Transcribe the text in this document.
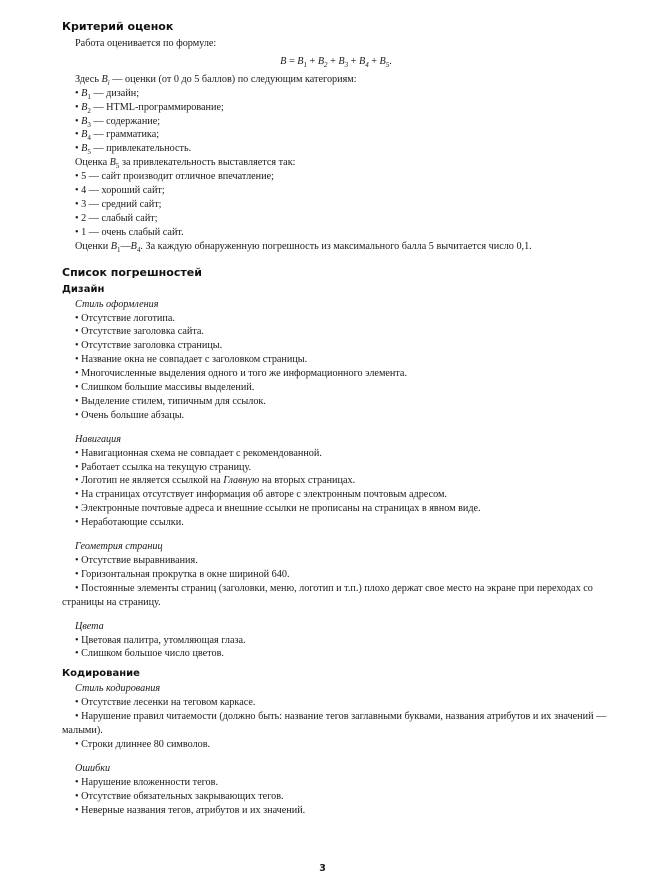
Критерий оценок

Работа оценивается по формуле:

$B = B_1 + B_2 + B_3 + B_4 + B_5$.

Здесь $B_i$ — оценки (от 0 до 5 баллов) по следующим категориям:

• $B_1$ — дизайн;
• $B_2$ — HTML-программирование;
• $B_3$ — содержание;
• $B_4$ — грамматика;
• $B_5$ — привлекательность.

Оценка $B_5$ за привлекательность выставляется так:

• 5 — сайт производит отличное впечатление;
• 4 — хороший сайт;
• 3 — средний сайт;
• 2 — слабый сайт;
• 1 — очень слабый сайт.

Оценки $B_1—B_4$. За каждую обнаруженную погрешность из максимального балла 5 вычитается число 0,1.

Список погрешностей
Дизайн

Стиль оформления

• Отсутствие логотипа.
• Отсутствие заголовка сайта.
• Отсутствие заголовка страницы.
• Название окна не совпадает с заголовком страницы.
• Многочисленные выделения одного и того же информационного элемента.
• Слишком большие массивы выделений.
• Выделение стилем, типичным для ссылок.
• Очень большие абзацы.

Навигация

• Навигационная схема не совпадает с рекомендованной.
• Работает ссылка на текущую страницу.
• Логотип не является ссылкой на Главную на вторых страницах.
• На страницах отсутствует информация об авторе с электронным почтовым адресом.
• Электронные почтовые адреса и внешние ссылки не прописаны на страницах в явном виде.
• Неработающие ссылки.

Геометрия страниц

• Отсутствие выравнивания.
• Горизонтальная прокрутка в окне шириной 640.

• Постоянные элементы страниц (заголовки, меню, логотип и т.п.) плохо держат свое место на экране при переходах со страницы на страницу.

Цвета

• Цветовая палитра, утомляющая глаза.
• Слишком большое число цветов.
Кодирование

Стиль кодирования

• Отсутствие лесенки на теговом каркасе.

• Нарушение правил читаемости (должно быть: название тегов заглавными буквами, названия атрибутов и их значений — малыми).

• Строки длиннее 80 символов.

Ошибки

• Нарушение вложенности тегов.
• Отсутствие обязательных закрывающих тегов.
• Неверные названия тегов, атрибутов и их значений.
3
